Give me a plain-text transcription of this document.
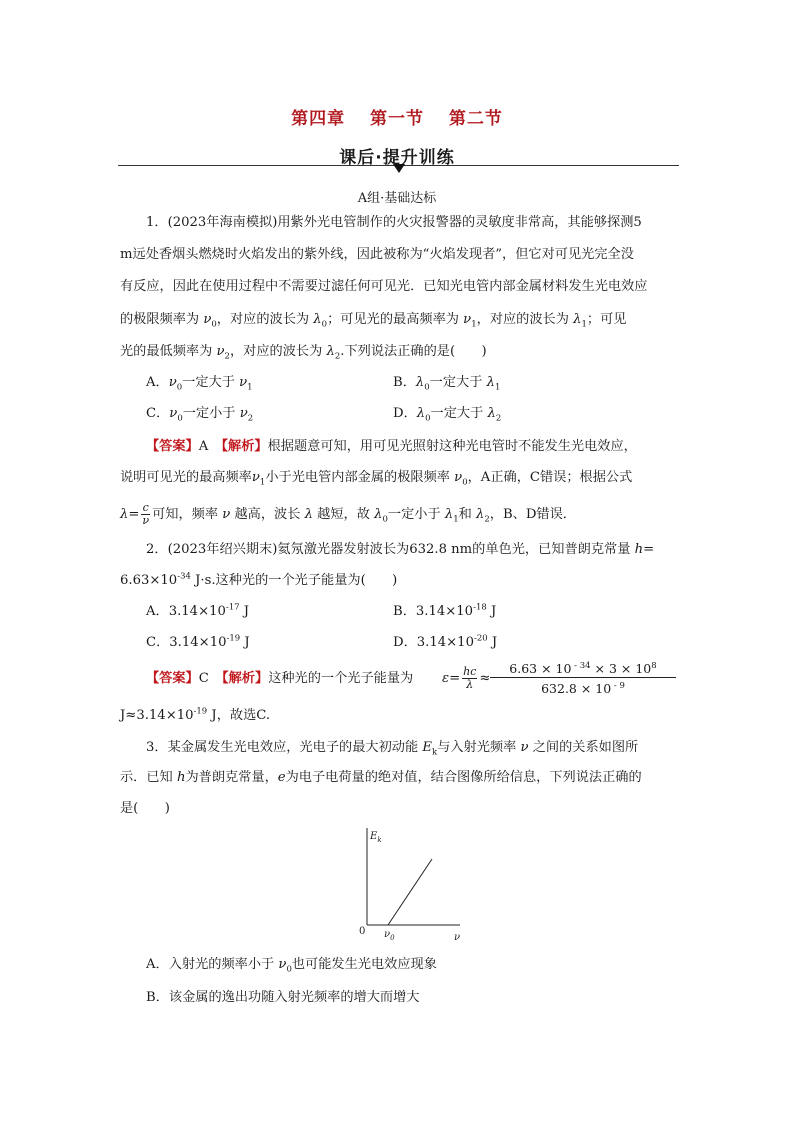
第四章 第一节 第二节
课后·提升训练
A组·基础达标
1．(2023年海南模拟)用紫外光电管制作的火灾报警器的灵敏度非常高，其能够探测5
m远处香烟头燃烧时火焰发出的紫外线，因此被称为“火焰发现者”，但它对可见光完全没
有反应，因此在使用过程中不需要过滤任何可见光．已知光电管内部金属材料发生光电效应
的极限频率为 $\nu_0$，对应的波长为 $\lambda_0$；可见光的最高频率为 $\nu_1$，对应的波长为 $\lambda_1$；可见
光的最低频率为 $\nu_2$，对应的波长为 $\lambda_2$.下列说法正确的是(　　)
A．$\nu_0$一定大于 $\nu_1$	B．$\lambda_0$一定大于 $\lambda_1$
C．$\nu_0$一定小于 $\nu_2$	D．$\lambda_0$一定大于 $\lambda_2$
【答案】A　 【解析】根据题意可知，用可见光照射这种光电管时不能发生光电效应，
说明可见光的最高频率$\nu_1$小于光电管内部金属的极限频率 $\nu_0$，A正确，C错误；根据公式
$\lambda= \frac{c}{\nu}$ 可知，频率 ν 越高，波长 λ 越短，故 $\lambda_0$一定小于 $\lambda_1$和 $\lambda_2$，B、D错误．
2．(2023年绍兴期末)氦氖激光器发射波长为632.8 nm的单色光，已知普朗克常量 h=
$6.63\times 10^{-34}$ J·s.这种光的一个光子能量为(　　)
A．$3.14\times 10^{-17}$ J	B．$3.14\times 10^{-18}$ J
C．$3.14\times 10^{-19}$ J	D．$3.14\times 10^{-20}$ J
【答案】C　 【解析】这种光的一个光子能量为	$\varepsilon= \frac{hc}{\lambda} \approx \frac{6.63 \times 10 ^{- 34} \times 3 \times 10^8}{632.8 \times 10 ^{- 9}}$
$J\approx 3.14\times 10^{-19}$ J，故选C.
3．某金属发生光电效应，光电子的最大初动能 $E_k$与入射光频率 ν 之间的关系如图所
示．已知 h为普朗克常量，e为电子电荷量的绝对值，结合图像所给信息，下列说法正确的
是(　　)
$E_k$
0 $\nu_0$	ν
A．入射光的频率小于 $\nu_0$也可能发生光电效应现象
B．该金属的逸出功随入射光频率的增大而增大
